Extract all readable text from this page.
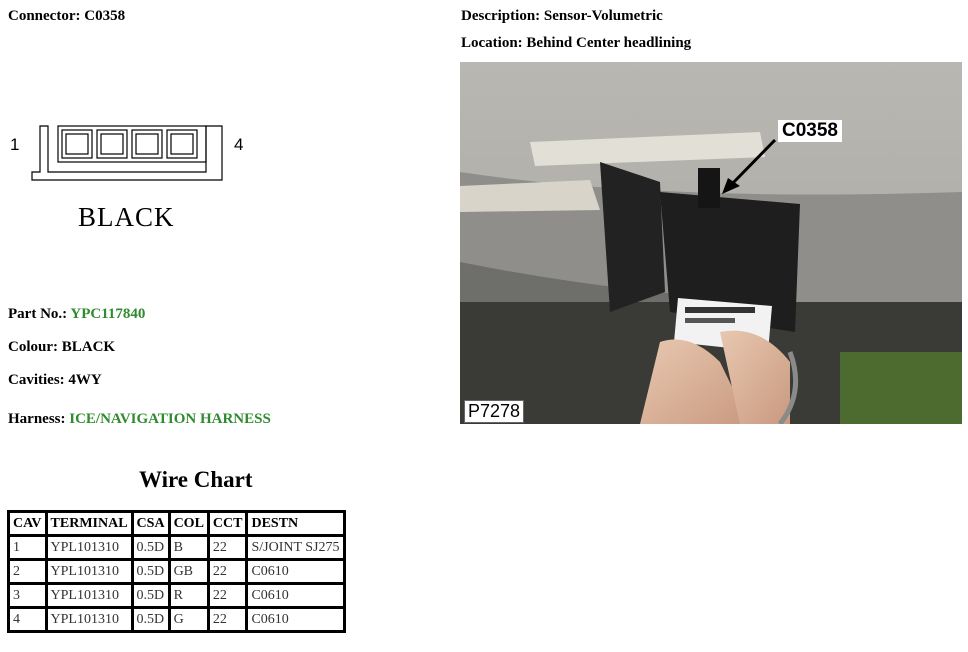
Connector: C0358	Description: Sensor-Volumetric
Location: Behind Center headlining
1	4
BLACK
C0358
P7278
Part No.: YPC117840
Colour: BLACK
Cavities: 4WY
Harness: ICE/NAVIGATION HARNESS
Wire Chart
CAV	TERMINAL	CSA	COL	CCT	DESTN
1	YPL101310	0.5D	B	22	S/JOINT SJ275
2	YPL101310	0.5D	GB	22	C0610
3	YPL101310	0.5D	R	22	C0610
4	YPL101310	0.5D	G	22	C0610
